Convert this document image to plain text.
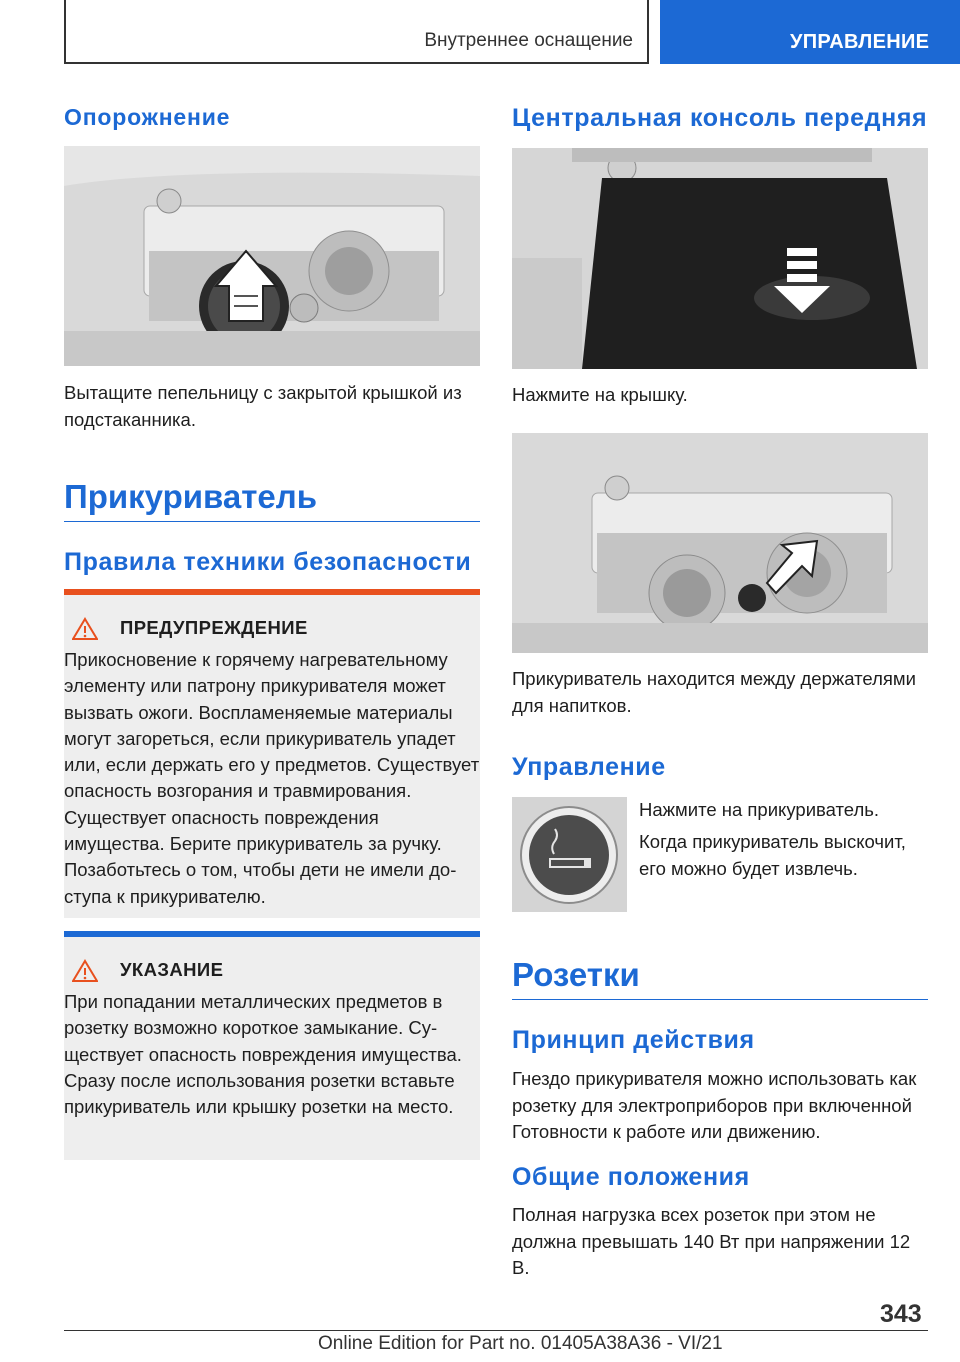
Внутреннее оснащение	УПРАВЛЕНИЕ
Опорожнение
Вытащите пепельницу с закрытой крышкой из подстаканника.
Прикуриватель
Правила техники безопасности
ПРЕДУПРЕЖДЕНИЕ
Прикосновение к горячему нагревательному элементу или патрону прикуривателя может вызвать ожоги. Воспламеняемые материалы могут загореться, если прикуриватель упадет или, если держать его у предметов. Существует опасность возгорания и травмирования. Существует опасность повреждения имущества. Берите прикуриватель за ручку. Позаботьтесь о том, чтобы дети не имели доступа к прикуривателю.
УКАЗАНИЕ
При попадании металлических предметов в розетку возможно короткое замыкание. Существует опасность повреждения имущества. Сразу после использования розетки вставьте прикуриватель или крышку розетки на место.
Центральная консоль передняя
Нажмите на крышку.
Прикуриватель находится между держателями для напитков.
Управление
Нажмите на прикуриватель.
Когда прикуриватель выскочит, его можно будет извлечь.
Розетки
Принцип действия
Гнездо прикуривателя можно использовать как розетку для электроприборов при включенной Готовности к работе или движению.
Общие положения
Полная нагрузка всех розеток при этом не должна превышать 140 Вт при напряжении 12 В.
343
Online Edition for Part no. 01405A38A36 - VI/21
